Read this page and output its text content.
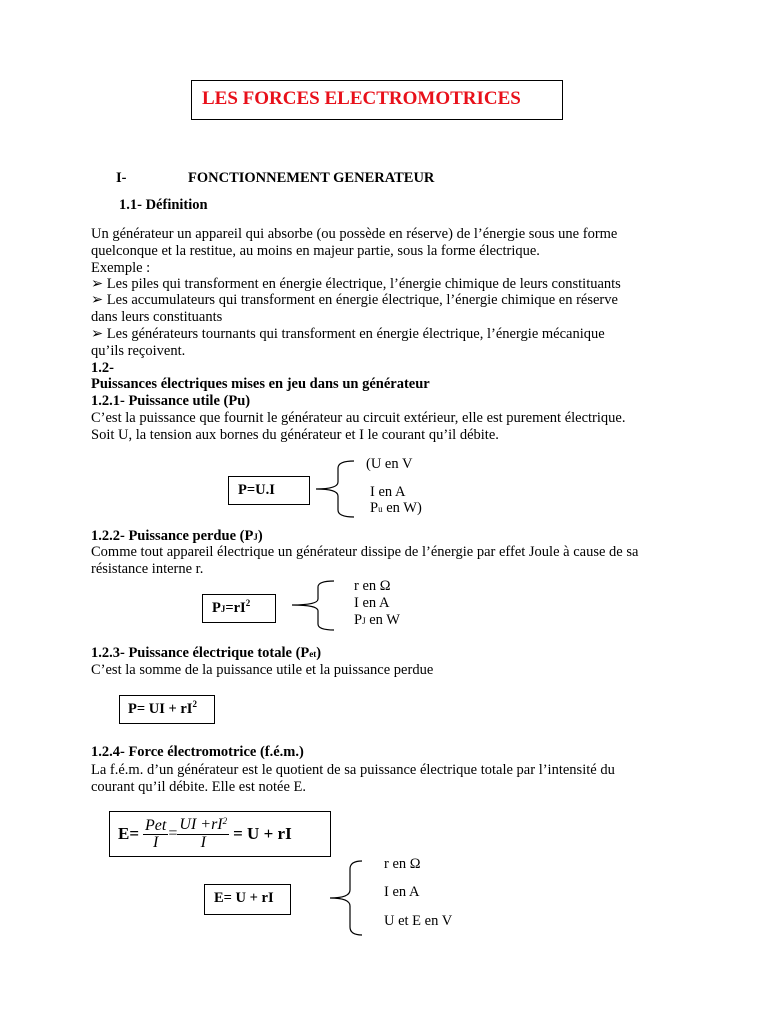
LES FORCES ELECTROMOTRICES
I-	FONCTIONNEMENT GENERATEUR
1.1- Définition
Un générateur un appareil qui absorbe (ou possède en réserve) de l’énergie sous une forme
quelconque et la restitue, au moins en majeur partie, sous la forme électrique.
Exemple :
➢ Les piles qui transforment en énergie électrique, l’énergie chimique de leurs constituants
➢ Les accumulateurs qui transforment en énergie électrique, l’énergie chimique en réserve
dans leurs constituants
➢ Les générateurs tournants qui transforment en énergie électrique, l’énergie mécanique
qu’ils reçoivent.
1.2-
Puissances électriques mises en jeu dans un générateur
1.2.1- Puissance utile (Pu)
C’est la puissance que fournit le générateur au circuit extérieur, elle est purement électrique.
Soit U, la tension aux bornes du générateur et I le courant qu’il débite.
P=U.I
(U en V
I en A
Pu en W)
1.2.2- Puissance perdue (PJ)
Comme tout appareil électrique un générateur dissipe de l’énergie par effet Joule à cause de sa
résistance interne r.
$PJ=rI^2$
r en Ω
I en A
PJ en W
1.2.3- Puissance électrique totale (Pet)
C’est la somme de la puissance utile et la puissance perdue
P= UI + $rI^2$
1.2.4- Force électromotrice (f.é.m.)
La f.é.m. d’un générateur est le quotient de sa puissance électrique totale par l’intensité du
courant qu’il débite. Elle est notée E.
$E= \frac{\text{Pet}}{I} = \frac{UI +rI^2}{I} = U$ + rI
E= U + rI
r en Ω
I en A
U et E en V
